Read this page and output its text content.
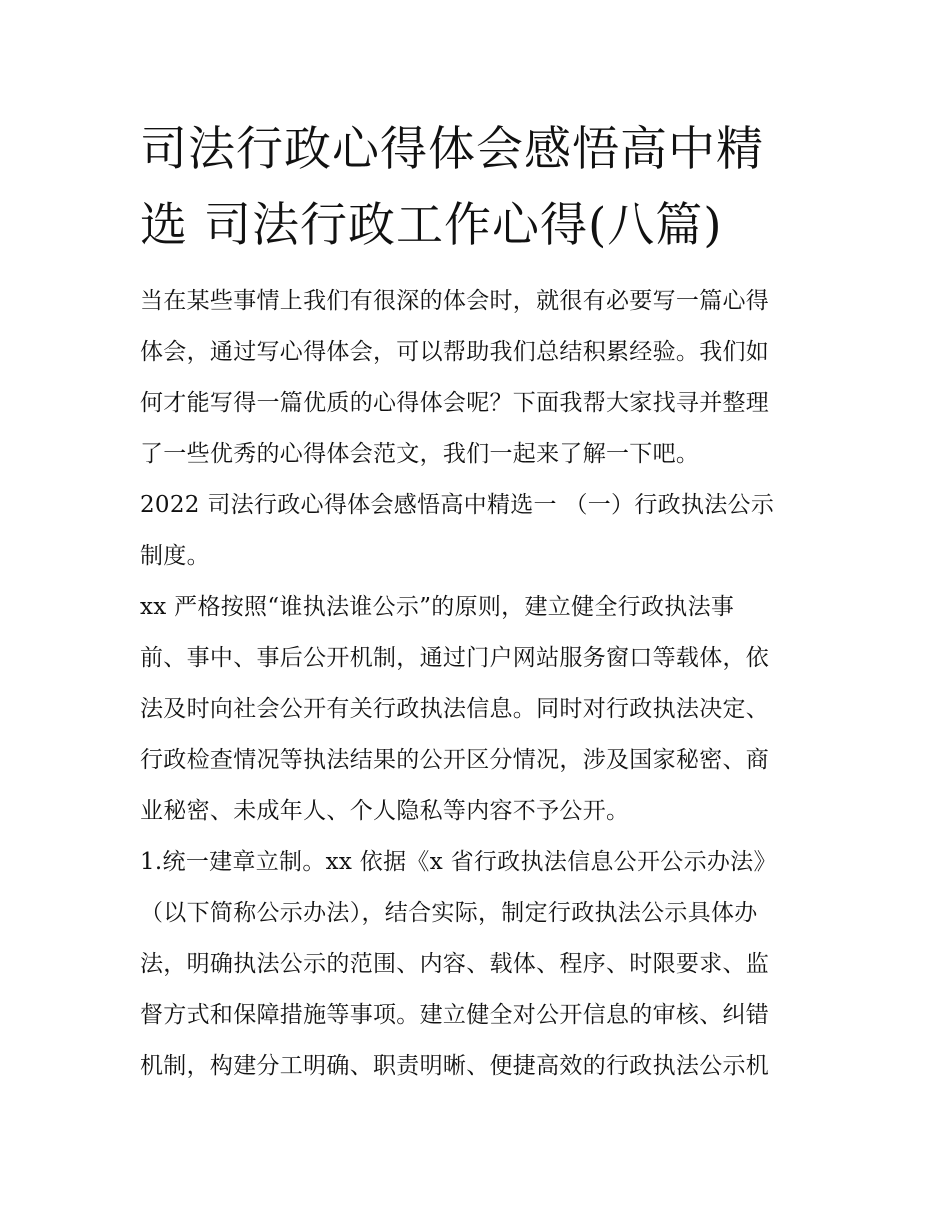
司法行政心得体会感悟高中精
选 司法行政工作心得(八篇)
当在某些事情上我们有很深的体会时，就很有必要写一篇心得
体会，通过写心得体会，可以帮助我们总结积累经验。我们如
何才能写得一篇优质的心得体会呢？下面我帮大家找寻并整理
了一些优秀的心得体会范文，我们一起来了解一下吧。
2022 司法行政心得体会感悟高中精选一 （一）行政执法公示
制度。
xx 严格按照“谁执法谁公示”的原则，建立健全行政执法事
前、事中、事后公开机制，通过门户网站服务窗口等载体，依
法及时向社会公开有关行政执法信息。同时对行政执法决定、
行政检查情况等执法结果的公开区分情况，涉及国家秘密、商
业秘密、未成年人、个人隐私等内容不予公开。
1.统一建章立制。xx 依据《x 省行政执法信息公开公示办法》
（以下简称公示办法），结合实际，制定行政执法公示具体办
法，明确执法公示的范围、内容、载体、程序、时限要求、监
督方式和保障措施等事项。建立健全对公开信息的审核、纠错
机制，构建分工明确、职责明晰、便捷高效的行政执法公示机
